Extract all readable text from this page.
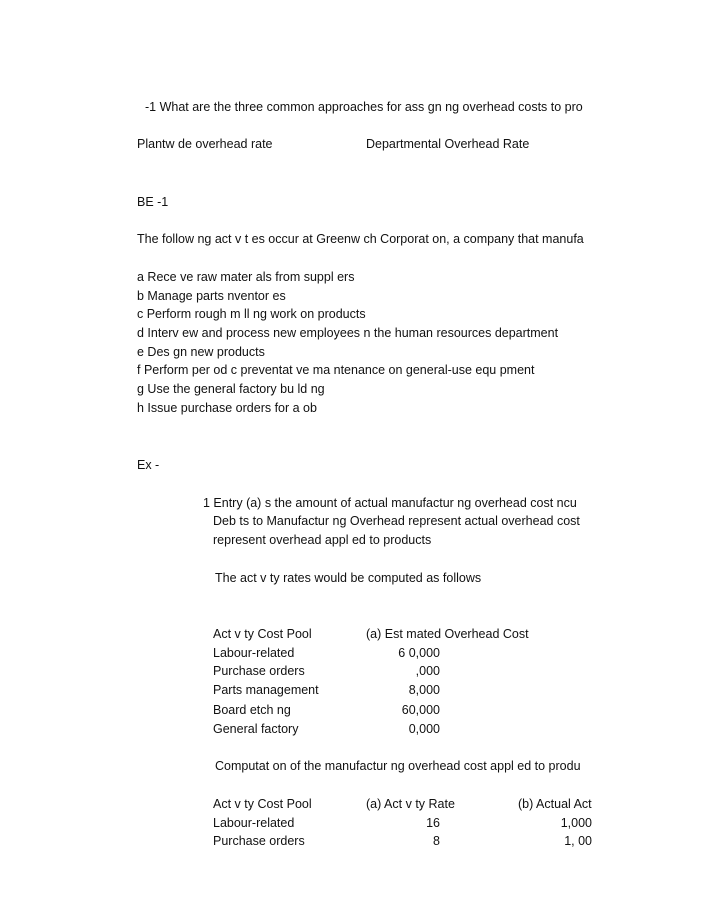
-1 What are the three common approaches for ass gn ng overhead costs to pro
Plantw de overhead rate	Departmental Overhead Rate
BE -1
The follow ng act v t es occur at Greenw ch Corporat on, a company that manufa
a Rece ve raw mater als from suppl ers
b Manage parts nventor es
c Perform rough m ll ng work on products
d Interv ew and process new employees n the human resources department
e Des gn new products
f Perform per od c preventat ve ma ntenance on general-use equ pment
g Use the general factory bu ld ng
h Issue purchase orders for a ob
Ex -
1 Entry (a) s the amount of actual manufactur ng overhead cost ncu
Deb ts to Manufactur ng Overhead represent actual overhead cost
represent overhead appl ed to products
The act v ty rates would be computed as follows
Act v ty Cost Pool	(a) Est mated Overhead Cost
Labour-related	6 0,000
Purchase orders	,000
Parts management	8,000
Board etch ng	60,000
General factory	0,000
Computat on of the manufactur ng overhead cost appl ed to produ
Act v ty Cost Pool	(a) Act v ty Rate	(b) Actual Act
Labour-related	16	1,000
Purchase orders	8	1, 00
